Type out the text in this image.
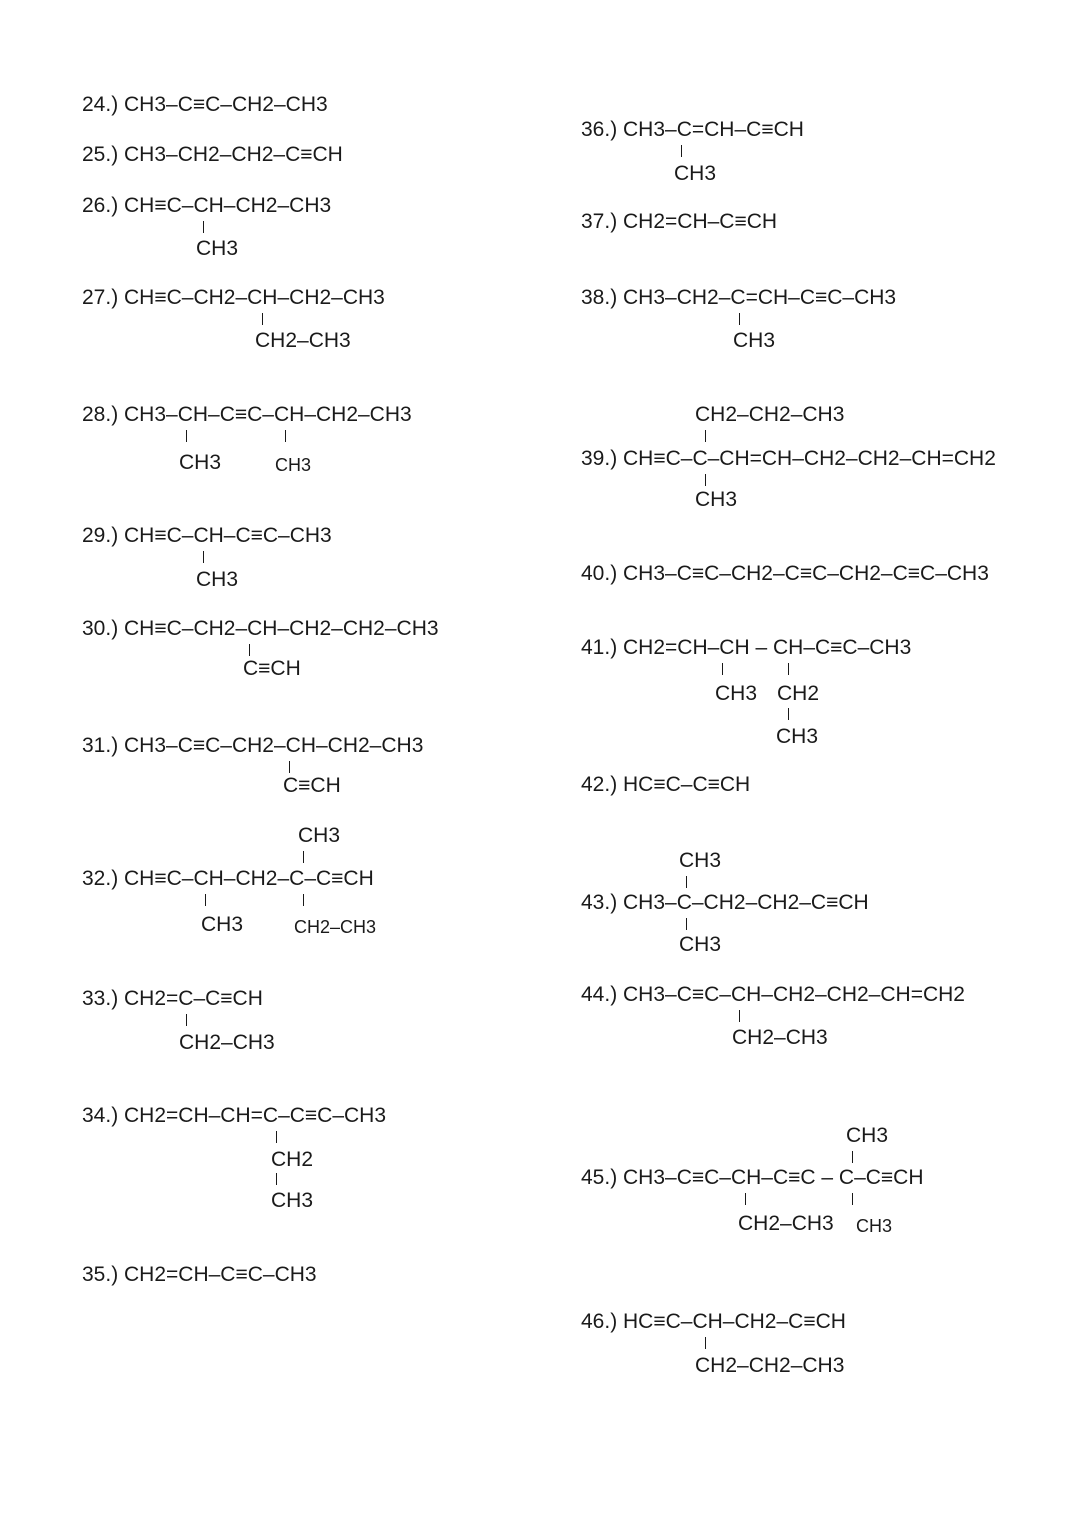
24.) CH3–C≡C–CH2–CH3
25.) CH3–CH2–CH2–C≡CH
26.) CH≡C–CH–CH2–CH3
CH3
27.) CH≡C–CH2–CH–CH2–CH3
CH2–CH3
28.) CH3–CH–C≡C–CH–CH2–CH3
CH3	CH3
29.) CH≡C–CH–C≡C–CH3
CH3
30.) CH≡C–CH2–CH–CH2–CH2–CH3
C≡CH
31.) CH3–C≡C–CH2–CH–CH2–CH3
C≡CH
CH3
32.) CH≡C–CH–CH2–C–C≡CH
CH3	CH2–CH3
33.) CH2=C–C≡CH
CH2–CH3
34.) CH2=CH–CH=C–C≡C–CH3
CH2
CH3
35.) CH2=CH–C≡C–CH3
36.) CH3–C=CH–C≡CH
CH3
37.) CH2=CH–C≡CH
38.) CH3–CH2–C=CH–C≡C–CH3
CH3
CH2–CH2–CH3
39.) CH≡C–C–CH=CH–CH2–CH2–CH=CH2
CH3
40.) CH3–C≡C–CH2–C≡C–CH2–C≡C–CH3
41.) CH2=CH–CH – CH–C≡C–CH3
CH3 CH2
CH3
42.) HC≡C–C≡CH
CH3
43.) CH3–C–CH2–CH2–C≡CH
CH3
44.) CH3–C≡C–CH–CH2–CH2–CH=CH2
CH2–CH3
CH3
45.) CH3–C≡C–CH–C≡C – C–C≡CH
CH2–CH3 CH3
46.) HC≡C–CH–CH2–C≡CH
CH2–CH2–CH3
